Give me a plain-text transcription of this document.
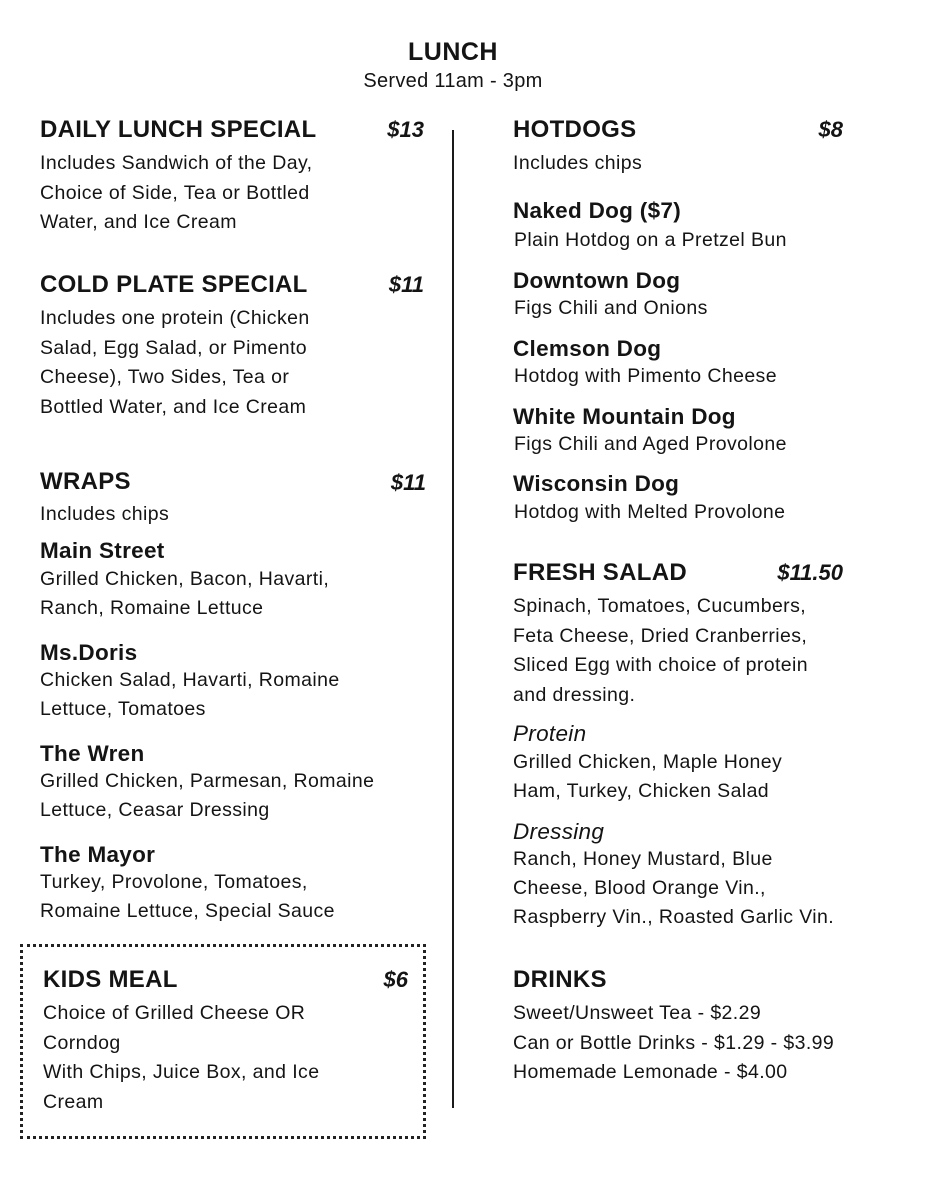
LUNCH
Served 11am - 3pm
DAILY LUNCH SPECIAL	$13
Includes Sandwich of the Day,
Choice of Side, Tea or Bottled
Water, and Ice Cream
COLD PLATE SPECIAL	$11
Includes one protein (Chicken
Salad, Egg Salad, or Pimento
Cheese), Two Sides, Tea or
Bottled Water, and Ice Cream
WRAPS	$11
Includes chips
Main Street
Grilled Chicken, Bacon, Havarti,
Ranch, Romaine Lettuce
Ms.Doris
Chicken Salad, Havarti, Romaine
Lettuce, Tomatoes
The Wren
Grilled Chicken, Parmesan, Romaine
Lettuce, Ceasar Dressing
The Mayor
Turkey, Provolone, Tomatoes,
Romaine Lettuce, Special Sauce
KIDS MEAL	$6
Choice of Grilled Cheese OR
Corndog
With Chips, Juice Box, and Ice
Cream
HOTDOGS	$8
Includes chips
Naked Dog ($7)
Plain Hotdog on a Pretzel Bun
Downtown Dog
Figs Chili and Onions
Clemson Dog
Hotdog with Pimento Cheese
White Mountain Dog
Figs Chili and Aged Provolone
Wisconsin Dog
Hotdog with Melted Provolone
FRESH SALAD	$11.50
Spinach, Tomatoes, Cucumbers,
Feta Cheese, Dried Cranberries,
Sliced Egg with choice of protein
and dressing.
Protein
Grilled Chicken, Maple Honey
Ham, Turkey, Chicken Salad
Dressing
Ranch, Honey Mustard, Blue
Cheese, Blood Orange Vin.,
Raspberry Vin., Roasted Garlic Vin.
DRINKS
Sweet/Unsweet Tea - $2.29
Can or Bottle Drinks - $1.29 - $3.99
Homemade Lemonade - $4.00
